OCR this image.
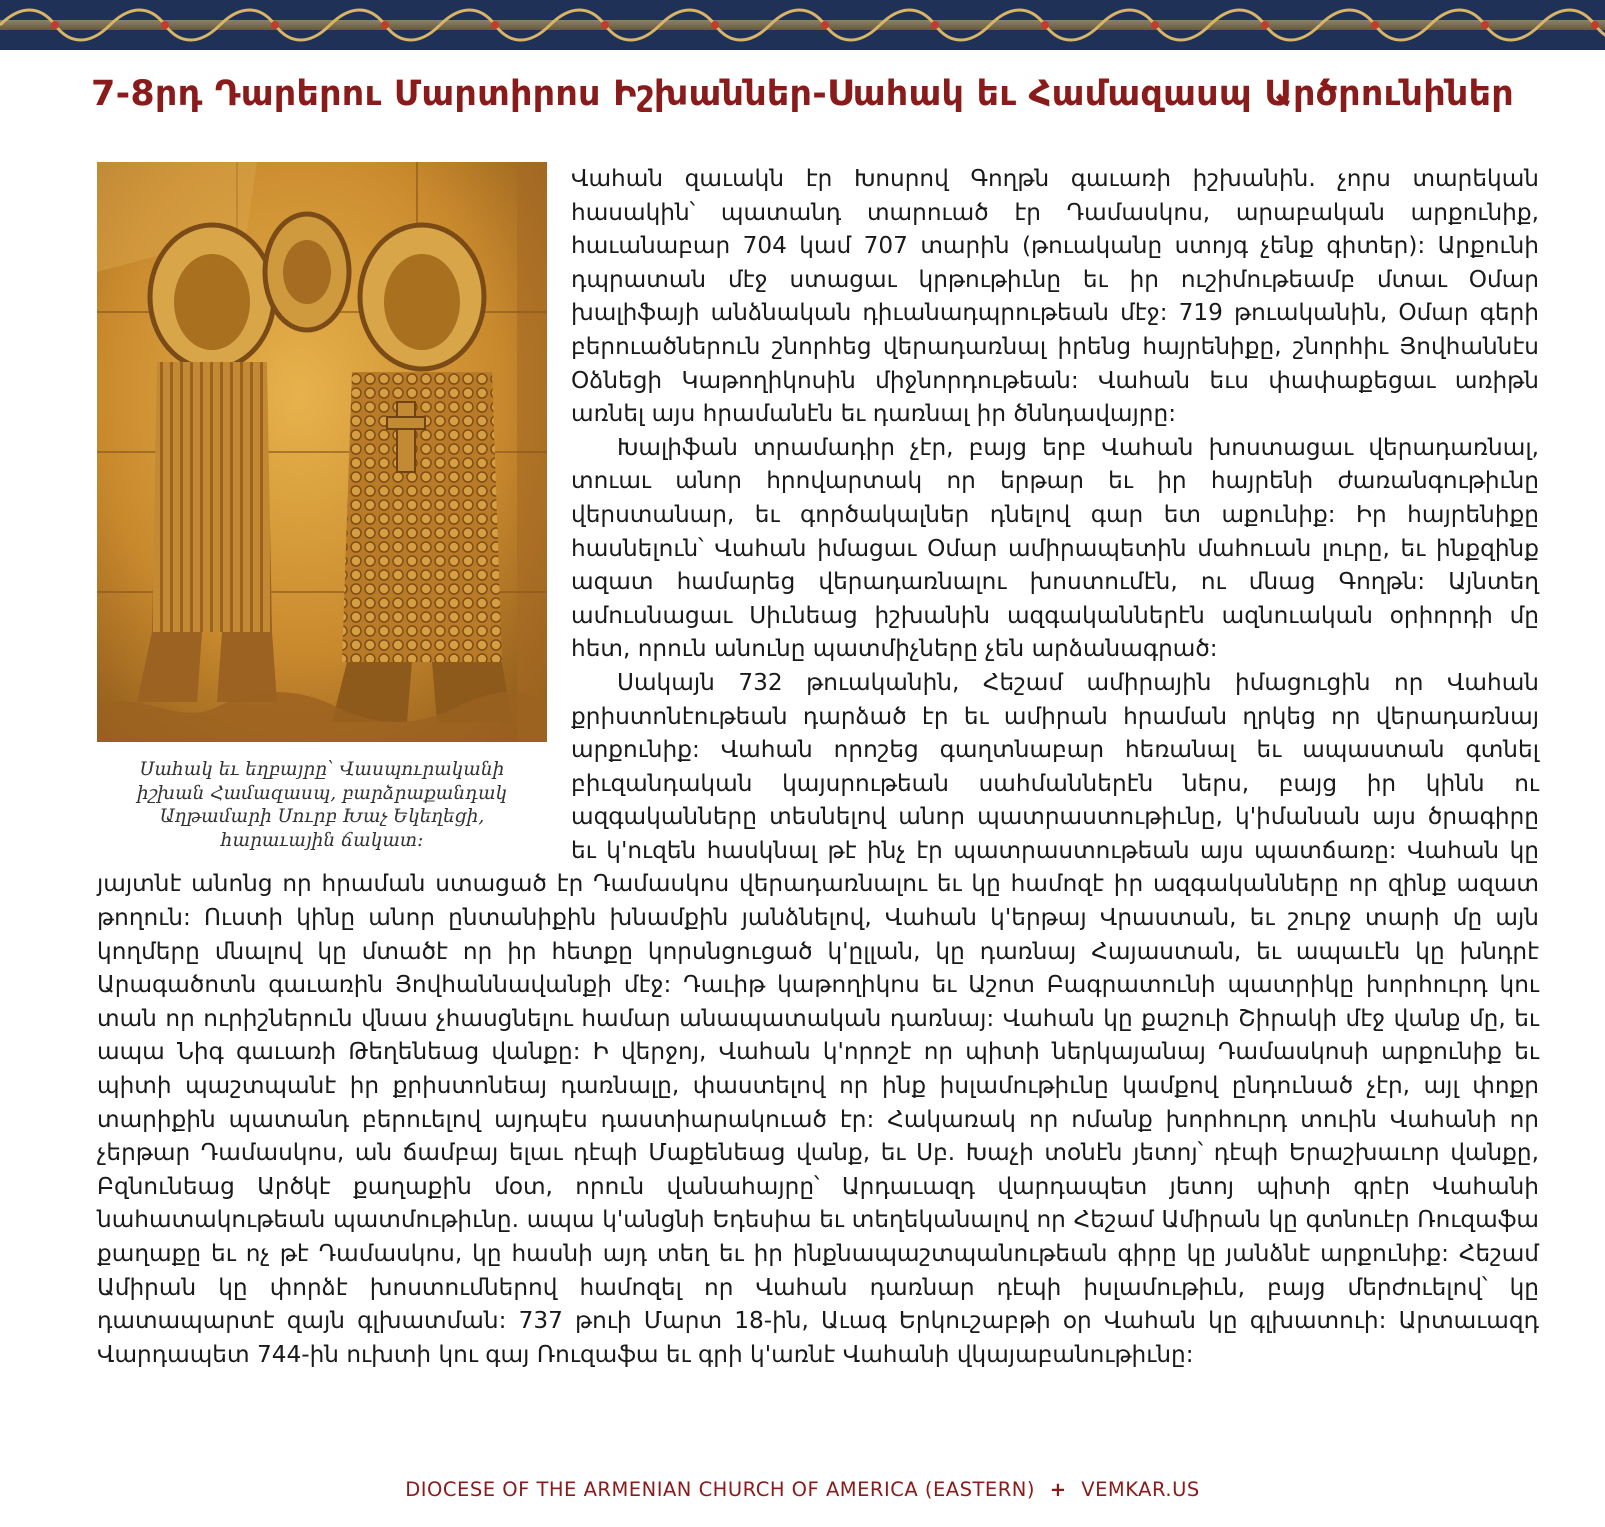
7-8րդ Դարերու Մարտիրոս Իշխաններ-Սահակ եւ Համազասպ Արծրունիներ
Սահակ եւ եղբայրը՝ Վասպուրականի իշխան Համազասպ, բարձրաքանդակ Աղթամարի Սուրբ Խաչ Եկեղեցի, հարաւային ճակատ:

Վահան զաւակն էր Խոսրով Գողթն գաւառի իշխանին. չորս տարեկան հասակին՝ պատանդ տարուած էր Դամասկոս, արաբական արքունիք, հաւանաբար 704 կամ 707 տարին (թուականը ստոյգ չենք գիտեր): Արքունի դպրատան մէջ ստացաւ կրթութիւնը եւ իր ուշիմութեամբ մտաւ Օմար խալիֆայի անձնական դիւանադպրութեան մէջ: 719 թուականին, Օմար գերի բերուածներուն շնորհեց վերադառնալ իրենց հայրենիքը, շնորհիւ Յովհաննէս Օձնեցի Կաթողիկոսին միջնորդութեան: Վահան եւս փափաքեցաւ առիթն առնել այս հրամանէն եւ դառնալ իր ծննդավայրը:

Խալիֆան տրամադիր չէր, բայց երբ Վահան խոստացաւ վերադառնալ, տուաւ անոր հրովարտակ որ երթար եւ իր հայրենի ժառանգութիւնը վերստանար, եւ գործակալներ դնելով գար ետ աքունիք: Իր հայրենիքը հասնելուն՝ Վահան իմացաւ Օմար ամիրապետին մահուան լուրը, եւ ինքզինք ազատ համարեց վերադառնալու խոստումէն, ու մնաց Գողթն: Այնտեղ ամուսնացաւ Սիւնեաց իշխանին ազգականներէն ազնուական օրիորդի մը հետ, որուն անունը պատմիչները չեն արձանագրած:

Սակայն 732 թուականին, Հեշամ ամիրային իմացուցին որ Վահան քրիստոնէութեան դարձած էր եւ ամիրան հրաման ղրկեց որ վերադառնայ արքունիք: Վահան որոշեց գաղտնաբար հեռանալ եւ ապաստան գտնել բիւզանդական կայսրութեան սահմաններէն ներս, բայց իր կինն ու ազգականները տեսնելով անոր պատրաստութիւնը, կ'իմանան այս ծրագիրը եւ կ'ուզեն հասկնալ թէ ինչ էր պատրաստութեան այս պատճառը: Վահան կը յայտնէ անոնց որ հրաման ստացած էր Դամասկոս վերադառնալու եւ կը համոզէ իր ազգականները որ զինք ազատ թողուն: Ուստի կինը անոր ընտանիքին խնամքին յանձնելով, Վահան կ'երթայ Վրաստան, եւ շուրջ տարի մը այն կողմերը մնալով կը մտածէ որ իր հետքը կորսնցուցած կ'ըլլան, կը դառնայ Հայաստան, եւ ապաւէն կը խնդրէ Արագածոտն գաւառին Յովհաննավանքի մէջ: Դաւիթ կաթողիկոս եւ Աշոտ Բագրատունի պատրիկը խորհուրդ կու տան որ ուրիշներուն վնաս չհասցնելու համար անապատական դառնայ: Վահան կը քաշուի Շիրակի մէջ վանք մը, եւ ապա Նիգ գաւառի Թեղենեաց վանքը: Ի վերջոյ, Վահան կ'որոշէ որ պիտի ներկայանայ Դամասկոսի արքունիք եւ պիտի պաշտպանէ իր քրիստոնեայ դառնալը, փաստելով որ ինք իսլամութիւնը կամքով ընդունած չէր, այլ փոքր տարիքին պատանդ բերուելով այդպէս դաստիարակուած էր: Հակառակ որ ոմանք խորհուրդ տուին Վահանի որ չերթար Դամասկոս, ան ճամբայ ելաւ դէպի Մաքենեաց վանք, եւ Սբ. Խաչի տօնէն յետոյ՝ դէպի Երաշխաւոր վանքը, Բզնունեաց Արծկէ քաղաքին մօտ, որուն վանահայրը՝ Արդաւազդ վարդապետ յետոյ պիտի գրէր Վահանի նահատակութեան պատմութիւնը. ապա կ'անցնի Եդեսիա եւ տեղեկանալով որ Հեշամ Ամիրան կը գտնուէր Ռուզաֆա քաղաքը եւ ոչ թէ Դամասկոս, կը հասնի այդ տեղ եւ իր ինքնապաշտպանութեան գիրը կը յանձնէ արքունիք: Հեշամ Ամիրան կը փորձէ խոստումներով համոզել որ Վահան դառնար դէպի իսլամութիւն, բայց մերժուելով՝ կը դատապարտէ զայն գլխատման: 737 թուի Մարտ 18-ին, Աւագ Երկուշաբթի օր Վահան կը գլխատուի: Արտաւազդ Վարդապետ 744-ին ուխտի կու գայ Ռուզաֆա եւ գրի կ'առնէ Վահանի վկայաբանութիւնը:

DIOCESE OF THE ARMENIAN CHURCH OF AMERICA (EASTERN) + VEMKAR.US
